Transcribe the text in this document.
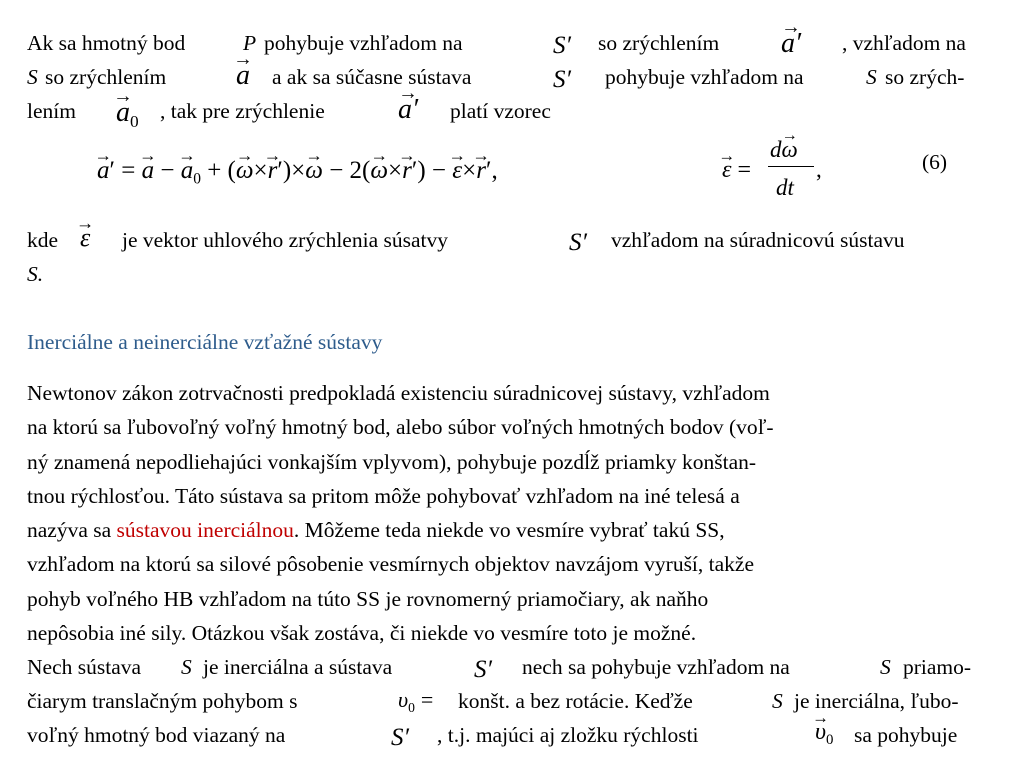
Ak sa hmotný bod	P pohybuje vzhľadom na	S′ so zrýchlením → a′ , vzhľadom na
S so zrýchlením → a a ak sa súčasne sústava	S′ pohybuje vzhľadom na	S so zrých-
lením → $a_0$ , tak pre zrýchlenie	→ a′ platí vzorec
→ a′ = → a − → $a_0$ + (→ ω×→ r′)×→ ω − 2(→ ω×→ r′) − → ε×→ r′,	→ ε =
d→ ω
dt
,	(6)
kde → ε je vektor uhlového zrýchlenia súsatvy	S′ vzhľadom na súradnicovú sústavu
S.
Inerciálne a neinerciálne vzťažné sústavy
Newtonov zákon zotrvačnosti predpokladá existenciu súradnicovej sústavy, vzhľadom
na ktorú sa ľubovoľný voľný hmotný bod, alebo súbor voľných hmotných bodov (voľ-
ný znamená nepodliehajúci vonkajším vplyvom), pohybuje pozdĺž priamky konštan-
tnou rýchlosťou. Táto sústava sa pritom môže pohybovať vzhľadom na iné telesá a
nazýva sa sústavou inerciálnou. Môžeme teda niekde vo vesmíre vybrať takú SS,
vzhľadom na ktorú sa silové pôsobenie vesmírnych objektov navzájom vyruší, takže
pohyb voľného HB vzhľadom na túto SS je rovnomerný priamočiary, ak naňho
nepôsobia iné sily. Otázkou však zostáva, či niekde vo vesmíre toto je možné.
Nech sústava S je inerciálna a sústava	S′ nech sa pohybuje vzhľadom na	S priamo-
čiarym translačným pohybom s	$\upsilon_0$ = konšt. a bez rotácie. Keďže	S je inerciálna, ľubo-
voľný hmotný bod viazaný na	S′ , t.j. majúci aj zložku rýchlosti	→ $\upsilon_0$ sa pohybuje
